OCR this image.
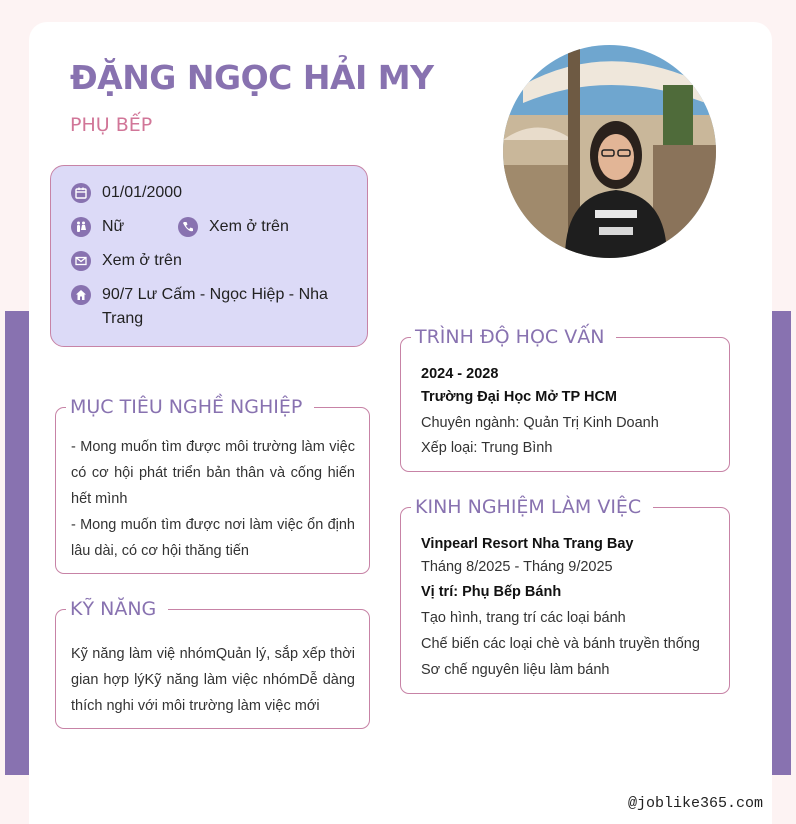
ĐẶNG NGỌC HẢI MY
PHỤ BẾP
01/01/2000
Nữ	Xem ở trên
Xem ở trên
90/7 Lư Cấm - Ngọc Hiệp - Nha
Trang
MỤC TIÊU NGHỀ NGHIỆP
- Mong muốn tìm được môi trường làm việc có cơ hội phát triển bản thân và cống hiến hết mình
- Mong muốn tìm được nơi làm việc ổn định lâu dài, có cơ hội thăng tiến
KỸ NĂNG
Kỹ năng làm việ nhómQuản lý, sắp xếp thời gian hợp lýKỹ năng làm việc nhómDễ dàng thích nghi với môi trường làm việc mới
TRÌNH ĐỘ HỌC VẤN
2024 - 2028
Trường Đại Học Mở TP HCM
Chuyên ngành: Quản Trị Kinh Doanh
Xếp loại: Trung Bình
KINH NGHIỆM LÀM VIỆC
Vinpearl Resort Nha Trang Bay
Tháng 8/2025 - Tháng 9/2025
Vị trí: Phụ Bếp Bánh
Tạo hình, trang trí các loại bánh
Chế biến các loại chè và bánh truyền thống
Sơ chế nguyên liệu làm bánh
@joblike365.com
